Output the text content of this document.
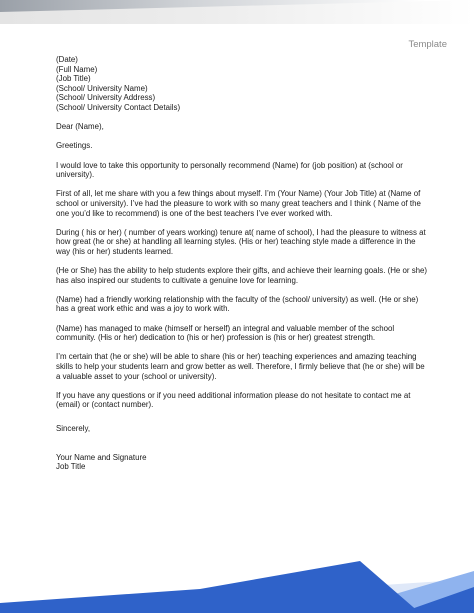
Template

(Date)
(Full Name)
(Job Title)
(School/ University Name)
(School/ University Address)
(School/ University Contact Details)

Dear (Name),

Greetings.

I would love to take this opportunity to personally recommend (Name) for (job position) at (school or university).

First of all, let me share with you a few things about myself. I’m (Your Name) (Your Job Title) at (Name of school or university). I’ve had the pleasure to work with so many great teachers and I think ( Name of the one you’d like to recommend) is one of the best teachers I’ve ever worked with.

During ( his or her) ( number of years working) tenure at( name of school), I had the pleasure to witness at how great (he or she) at handling all learning styles. (His or her) teaching style made a difference in the way (his or her) students learned.

(He or She) has the ability to help students explore their gifts, and achieve their learning goals. (He or she) has also inspired our students to cultivate a genuine love for learning.

(Name) had a friendly working relationship with the faculty of the (school/ university) as well. (He or she) has a great work ethic and was a joy to work with.

(Name) has managed to make (himself or herself) an integral and valuable member of the school community. (His or her) dedication to (his or her) profession is (his or her) greatest strength.

I’m certain that (he or she) will be able to share (his or her) teaching experiences and amazing teaching skills to help your students learn and grow better as well. Therefore, I firmly believe that (he or she) will be a valuable asset to your (school or university).

If you have any questions or if you need additional information please do not hesitate to contact me at (email) or (contact number).

Sincerely,

Your Name and Signature
Job Title
